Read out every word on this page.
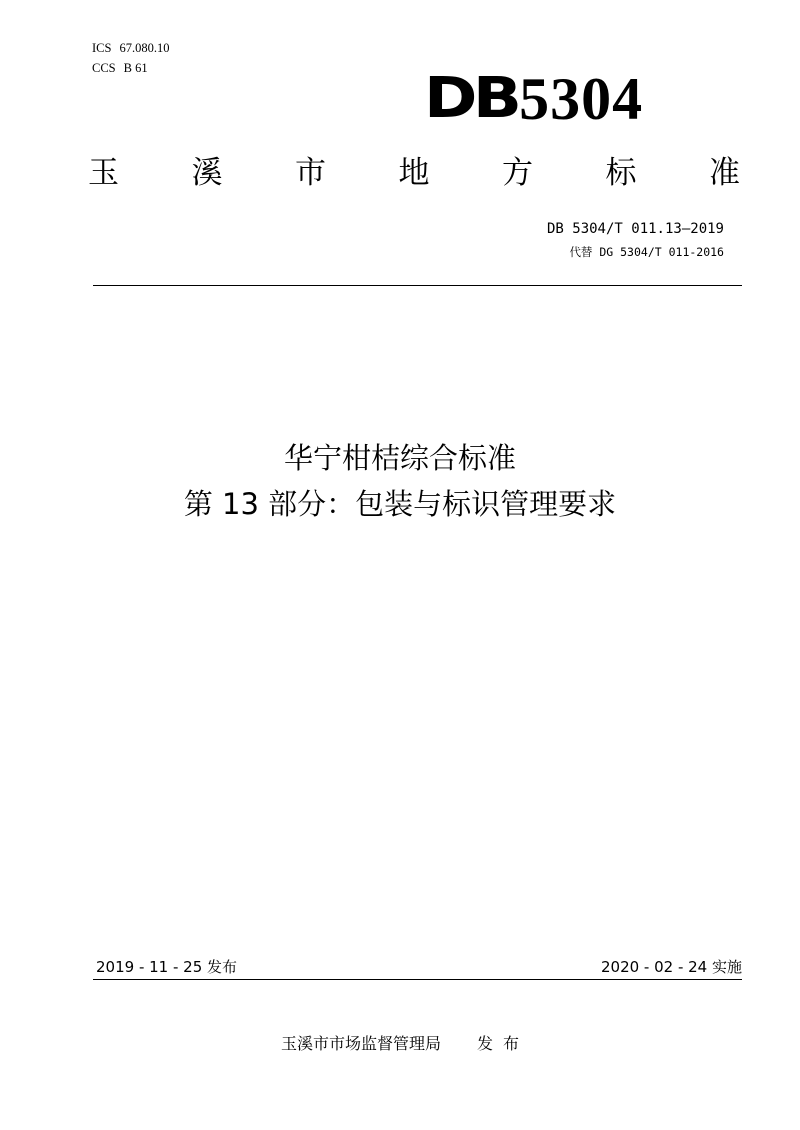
ICS 67.080.10
CCS B 61	DB 5304
玉 溪 市 地 方 标 准
DB 5304/T 011.13—2019
代替 DG 5304/T 011-2016
华宁柑桔综合标准
第 13 部分：包装与标识管理要求
2019 - 11 - 25 发布	2020 - 02 - 24 实施
玉溪市市场监督管理局 发布
